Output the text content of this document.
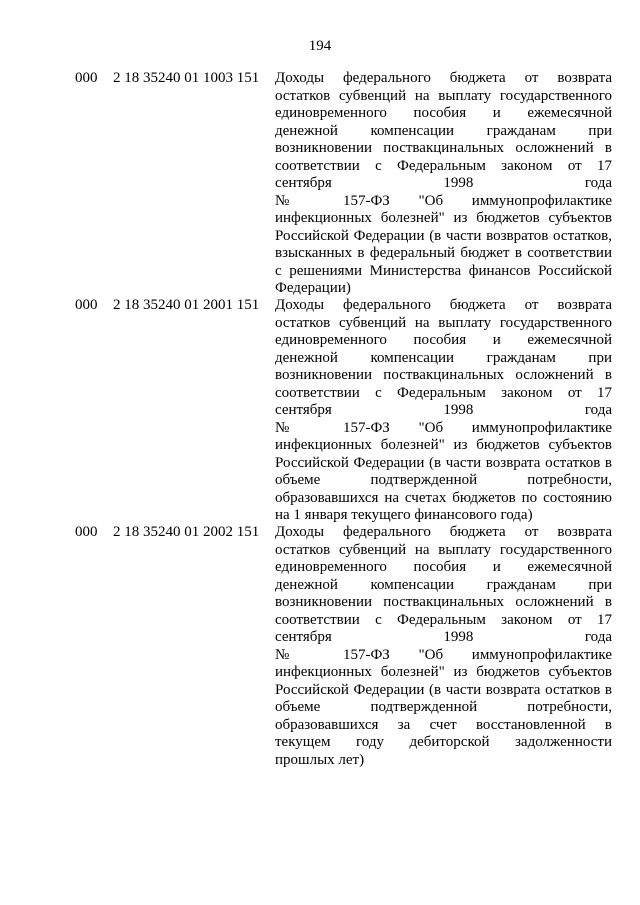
194
000 2 18 35240 01 1003 151 Доходы федерального бюджета от возврата
остатков субвенций на выплату государственного
единовременного пособия и ежемесячной
денежной компенсации гражданам при
возникновении поствакцинальных осложнений в
соответствии с Федеральным законом от 17
сентября 1998 года
№ 157-ФЗ "Об иммунопрофилактике
инфекционных болезней" из бюджетов субъектов
Российской Федерации (в части возвратов остатков,
взысканных в федеральный бюджет в соответствии
с решениями Министерства финансов Российской
Федерации)
000 2 18 35240 01 2001 151 Доходы федерального бюджета от возврата
остатков субвенций на выплату государственного
единовременного пособия и ежемесячной
денежной компенсации гражданам при
возникновении поствакцинальных осложнений в
соответствии с Федеральным законом от 17
сентября 1998 года
№ 157-ФЗ "Об иммунопрофилактике
инфекционных болезней" из бюджетов субъектов
Российской Федерации (в части возврата остатков в
объеме подтвержденной потребности,
образовавшихся на счетах бюджетов по состоянию
на 1 января текущего финансового года)
000 2 18 35240 01 2002 151 Доходы федерального бюджета от возврата
остатков субвенций на выплату государственного
единовременного пособия и ежемесячной
денежной компенсации гражданам при
возникновении поствакцинальных осложнений в
соответствии с Федеральным законом от 17
сентября 1998 года
№ 157-ФЗ "Об иммунопрофилактике
инфекционных болезней" из бюджетов субъектов
Российской Федерации (в части возврата остатков в
объеме подтвержденной потребности,
образовавшихся за счет восстановленной в
текущем году дебиторской задолженности
прошлых лет)
